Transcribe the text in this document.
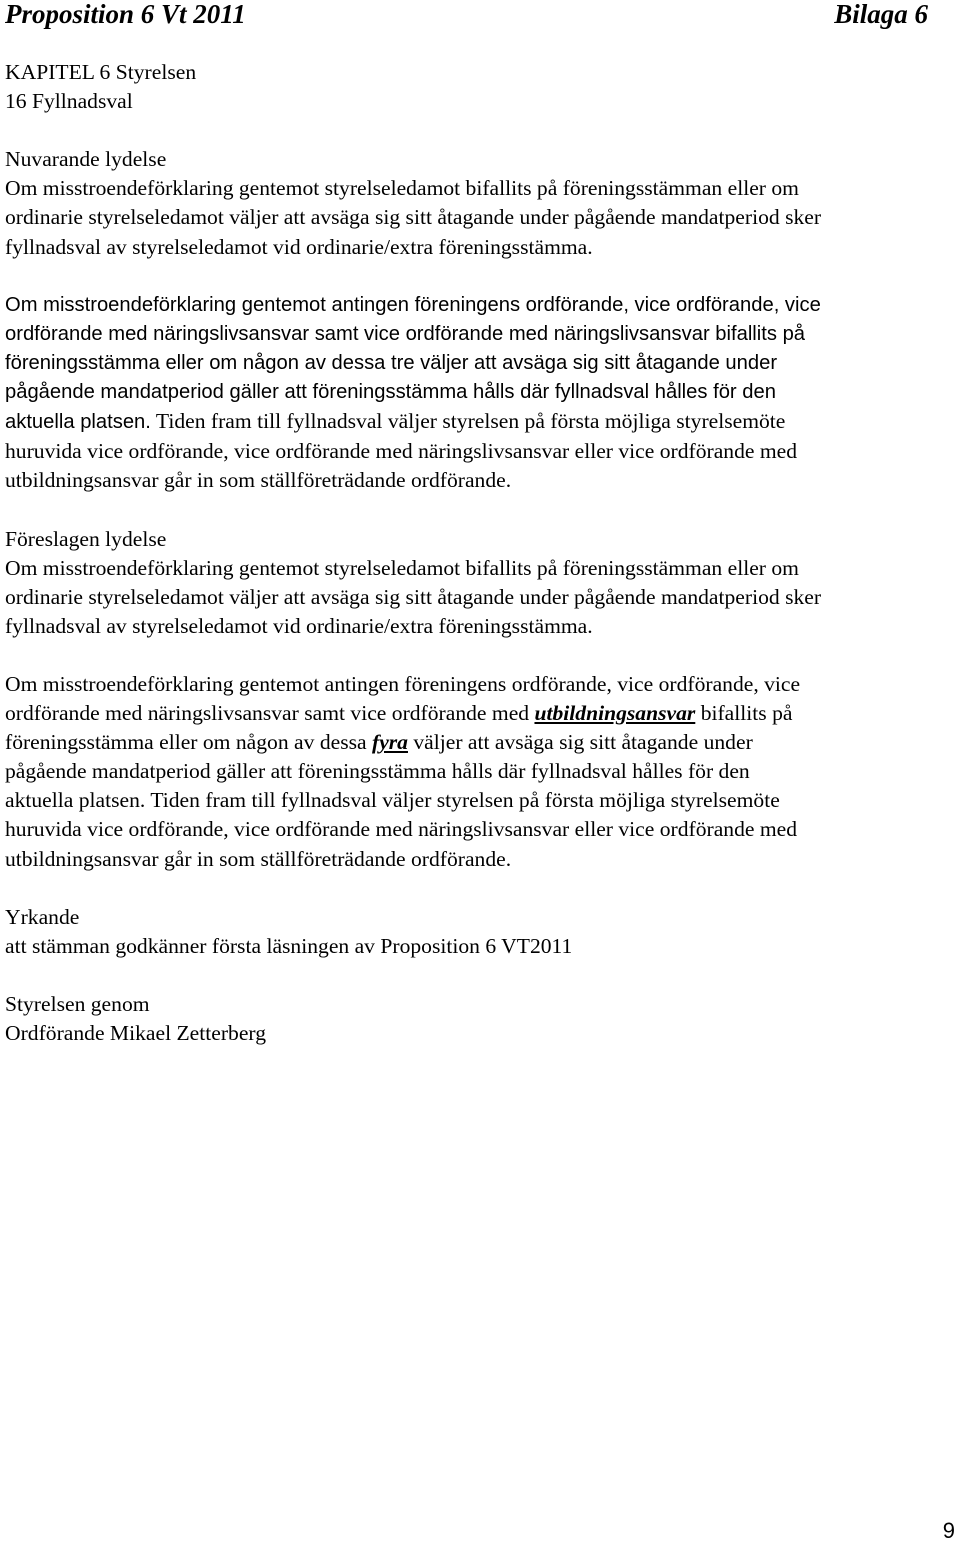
Proposition 6 Vt 2011	Bilaga 6
KAPITEL 6 Styrelsen
16 Fyllnadsval
Nuvarande lydelse
Om misstroendeförklaring gentemot styrelseledamot bifallits på föreningsstämman eller om
ordinarie styrelseledamot väljer att avsäga sig sitt åtagande under pågående mandatperiod sker
fyllnadsval av styrelseledamot vid ordinarie/extra föreningsstämma.
Om misstroendeförklaring gentemot antingen föreningens ordförande, vice ordförande, vice
ordförande med näringslivsansvar samt vice ordförande med näringslivsansvar bifallits på
föreningsstämma eller om någon av dessa tre väljer att avsäga sig sitt åtagande under
pågående mandatperiod gäller att föreningsstämma hålls där fyllnadsval hålles för den
aktuella platsen. Tiden fram till fyllnadsval väljer styrelsen på första möjliga styrelsemöte
huruvida vice ordförande, vice ordförande med näringslivsansvar eller vice ordförande med
utbildningsansvar går in som ställföreträdande ordförande.
Föreslagen lydelse
Om misstroendeförklaring gentemot styrelseledamot bifallits på föreningsstämman eller om
ordinarie styrelseledamot väljer att avsäga sig sitt åtagande under pågående mandatperiod sker
fyllnadsval av styrelseledamot vid ordinarie/extra föreningsstämma.
Om misstroendeförklaring gentemot antingen föreningens ordförande, vice ordförande, vice
ordförande med näringslivsansvar samt vice ordförande med utbildningsansvar bifallits på
föreningsstämma eller om någon av dessa fyra väljer att avsäga sig sitt åtagande under
pågående mandatperiod gäller att föreningsstämma hålls där fyllnadsval hålles för den
aktuella platsen. Tiden fram till fyllnadsval väljer styrelsen på första möjliga styrelsemöte
huruvida vice ordförande, vice ordförande med näringslivsansvar eller vice ordförande med
utbildningsansvar går in som ställföreträdande ordförande.
Yrkande
att stämman godkänner första läsningen av Proposition 6 VT2011
Styrelsen genom
Ordförande Mikael Zetterberg
9
